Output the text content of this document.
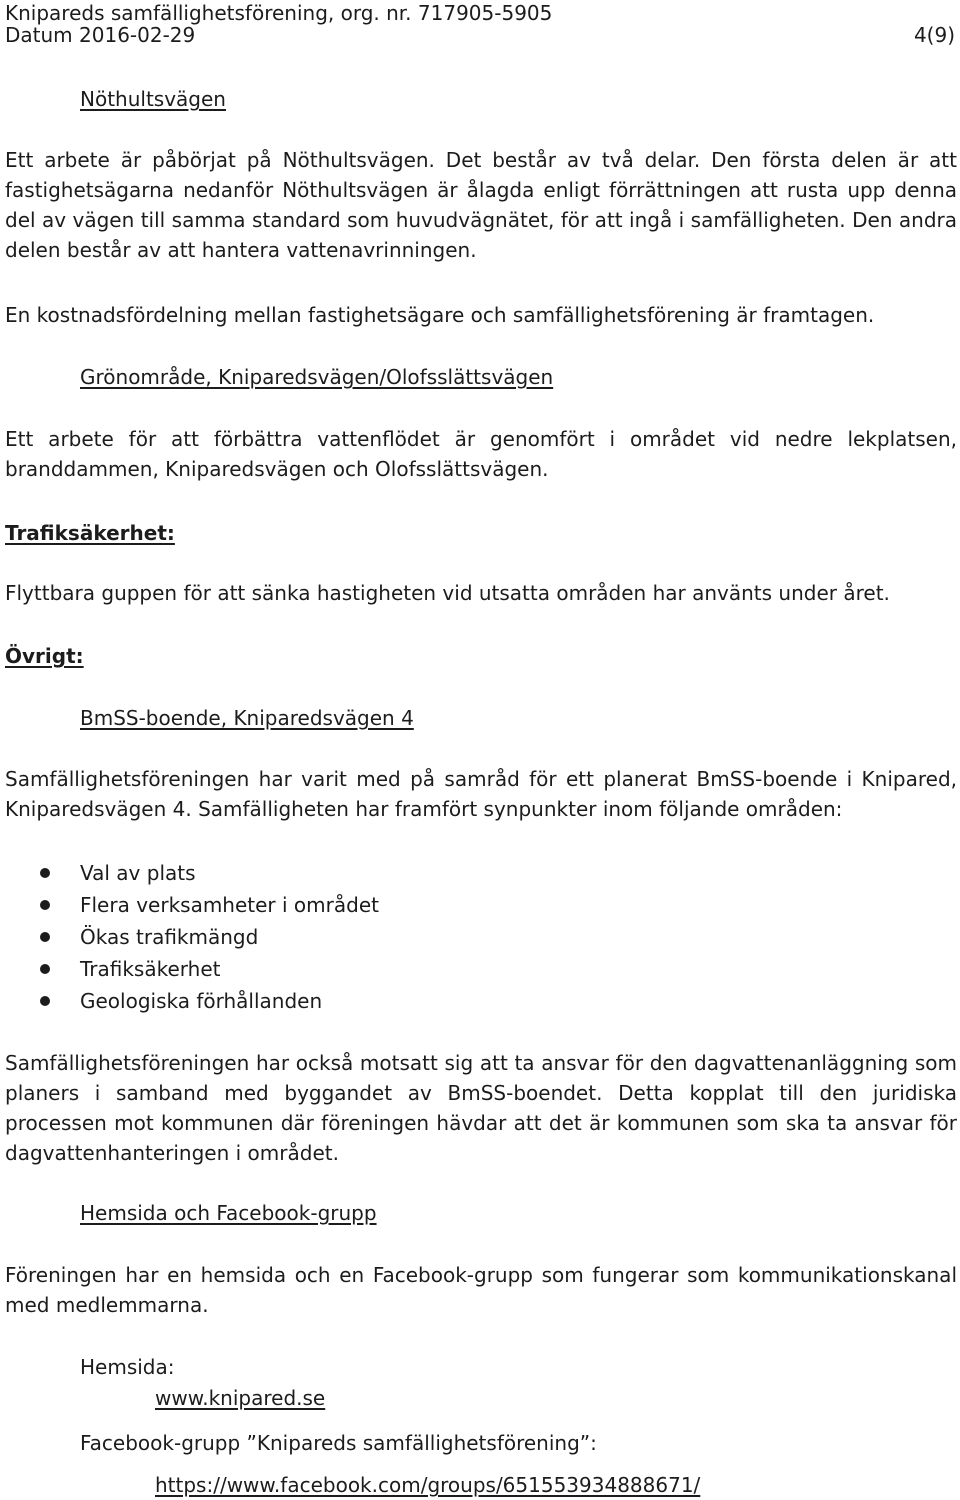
Knipareds samfällighetsförening, org. nr. 717905-5905

Datum 2016-02-29	4(9)

Nöthultsvägen

Ett arbete är påbörjat på Nöthultsvägen. Det består av två delar. Den första delen är att fastighetsägarna nedanför Nöthultsvägen är ålagda enligt förrättningen att rusta upp denna del av vägen till samma standard som huvudvägnätet, för att ingå i samfälligheten. Den andra delen består av att hantera vattenavrinningen.

En kostnadsfördelning mellan fastighetsägare och samfällighetsförening är framtagen.

Grönområde, Kniparedsvägen/Olofsslättsvägen

Ett arbete för att förbättra vattenflödet är genomfört i området vid nedre lekplatsen, branddammen, Kniparedsvägen och Olofsslättsvägen.

Trafiksäkerhet:

Flyttbara guppen för att sänka hastigheten vid utsatta områden har använts under året.

Övrigt:

BmSS-boende, Kniparedsvägen 4

Samfällighetsföreningen har varit med på samråd för ett planerat BmSS-boende i Knipared, Kniparedsvägen 4. Samfälligheten har framfört synpunkter inom följande områden:

Val av plats
Flera verksamheter i området
Ökas trafikmängd
Trafiksäkerhet
Geologiska förhållanden

Samfällighetsföreningen har också motsatt sig att ta ansvar för den dagvattenanläggning som planers i samband med byggandet av BmSS-boendet. Detta kopplat till den juridiska processen mot kommunen där föreningen hävdar att det är kommunen som ska ta ansvar för dagvattenhanteringen i området.

Hemsida och Facebook-grupp

Föreningen har en hemsida och en Facebook-grupp som fungerar som kommunikationskanal med medlemmarna.

Hemsida:

www.knipared.se

Facebook-grupp ”Knipareds samfällighetsförening”:

https://www.facebook.com/groups/651553934888671/
